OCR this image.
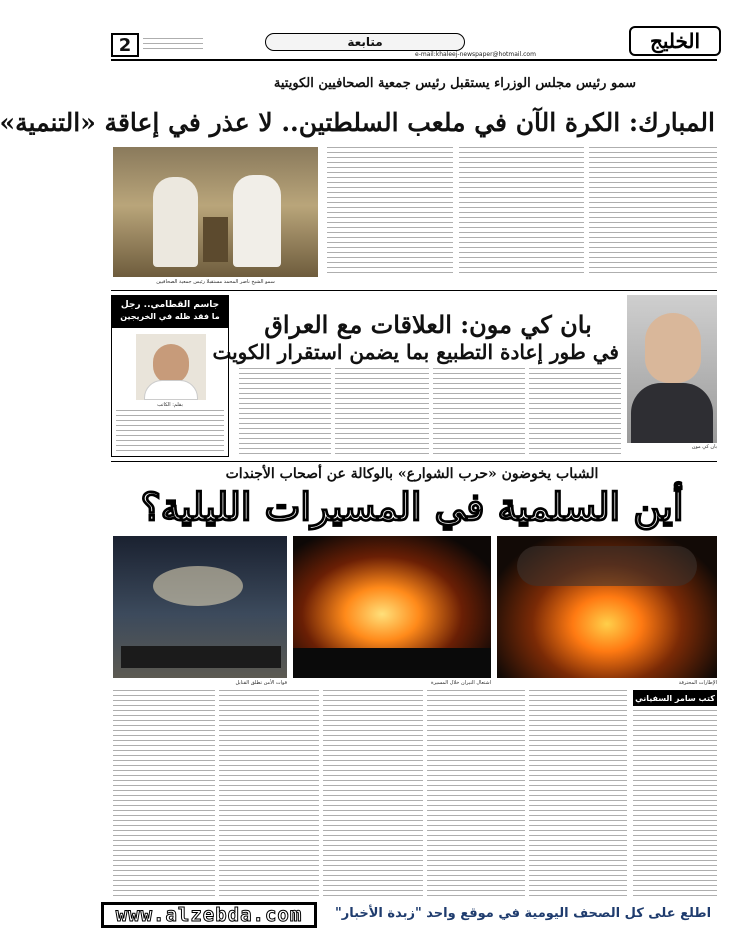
الخليج
e-mail:khaleej-newspaper@hotmail.com
متابعة
2
سمو رئيس مجلس الوزراء يستقبل رئيس جمعية الصحافيين الكويتية
المبارك: الكرة الآن في ملعب السلطتين.. لا عذر في إعاقة «التنمية»
سمو الشيخ ناصر المحمد مستقبلا رئيس جمعية الصحافيين
بان كي مون
بان كي مون: العلاقات مع العراق
في طور إعادة التطبيع بما يضمن استقرار الكويت
جاسم القطامي.. رجل
ما فقد ظله في الخريجين
بقلم: الكاتب
الشباب يخوضون «حرب الشوارع» بالوكالة عن أصحاب الأجندات
أين السلمية في المسيرات الليلية؟
الإطارات المحترقة
اشتعال النيران خلال المسيرة
قوات الأمن تطلق القنابل
كتب سامر السفياني
www.alzebda.com	اطلع على كل الصحف اليومية في موقع واحد "زبدة الأخبار"
